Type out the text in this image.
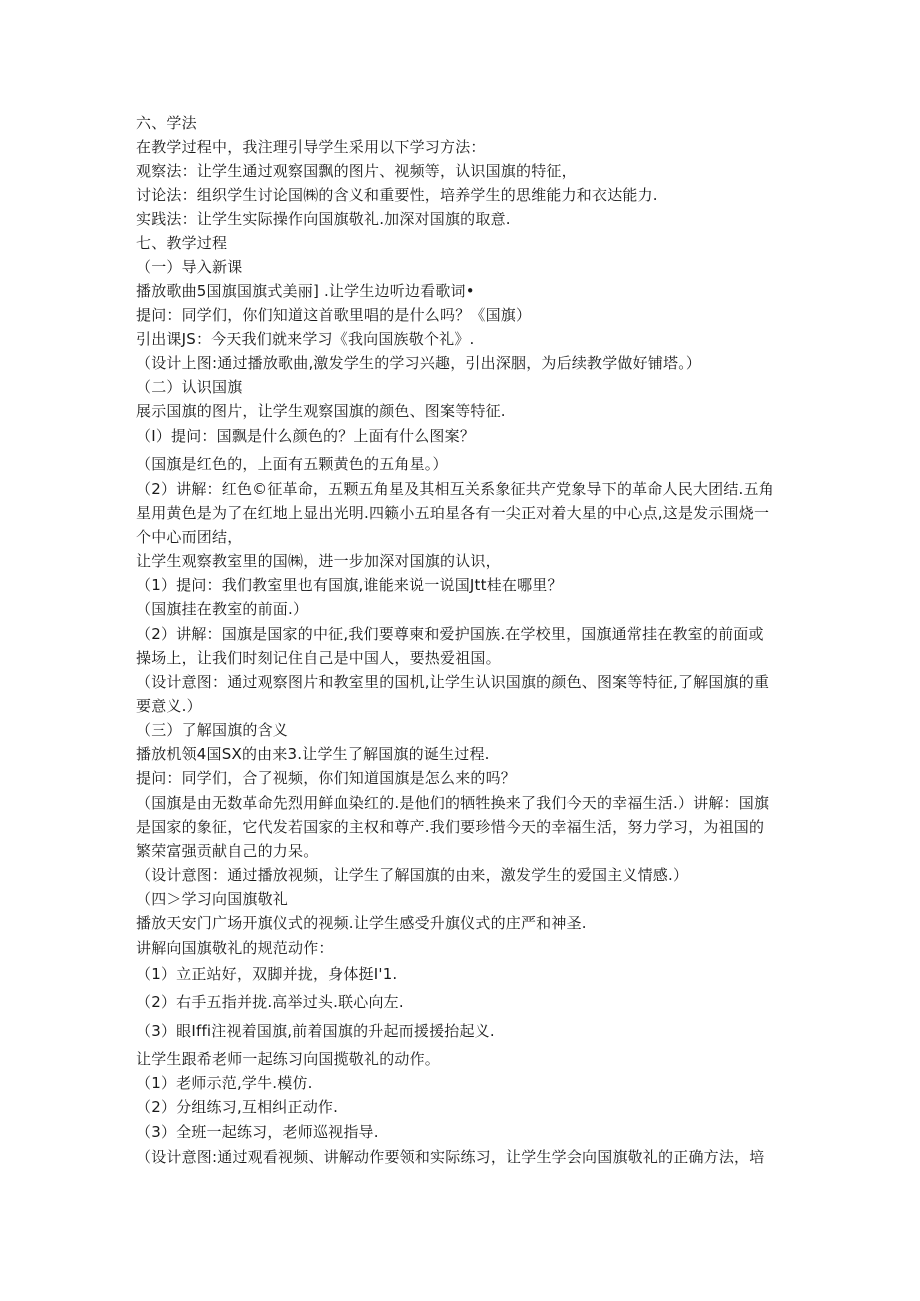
六、学法
在教学过程中，我注理引导学生采用以下学习方法：
观察法：让学生通过观察国飘的图片、视频等，认识国旗的特征，
讨论法：组织学生讨论国㈱的含义和重要性，培养学生的思维能力和衣达能力.
实践法：让学生实际操作向国旗敬礼.加深对国旗的取意.
七、教学过程
（一）导入新课
播放歌曲5国旗国旗式美丽] .让学生边听边看歌词•
提问：同学们，你们知道这首歌里唱的是什么吗？《国旗）
引出课JS：今天我们就来学习《我向国族敬个礼》.
（设计上图:通过播放歌曲,激发学生的学习兴趣，引出深胭，为后续教学做好铺塔。）
（二）认识国旗
展示国旗的图片，让学生观察国旗的颜色、图案等特征.
（I）提问：国飘是什么颜色的？上面有什么图案？
（国旗是红色的，上面有五颗黄色的五角星。）
（2）讲解：红色©征革命，五颗五角星及其相互关系象征共产党象导下的革命人民大团结.五角
星用黄色是为了在红地上显出光明.四籁小五珀星各有一尖正对着大星的中心点,这是发示围烧一
个中心而团结，
让学生观察教室里的国㈱，进一步加深对国旗的认识，
（1）提问：我们教室里也有国旗,谁能来说一说国Jtt桂在哪里？
（国旗挂在教室的前面.）
（2）讲解：国旗是国家的中征,我们要尊柬和爱护国族.在学校里，国旗通常挂在教室的前面或
操场上，让我们时刻记住自己是中国人，要热爱祖国。
（设计意图：通过观察图片和教室里的国机,让学生认识国旗的颜色、图案等特征,了解国旗的重
要意义.）
（三）了解国旗的含义
播放机领4国SX的由来3.让学生了解国旗的诞生过程.
提问：同学们，合了视频，你们知道国旗是怎么来的吗？
（国旗是由无数革命先烈用鲜血染红的.是他们的牺牲换来了我们今天的幸福生活.）讲解：国旗
是国家的象征，它代发若国家的主权和尊产.我们要珍惜今天的幸福生活，努力学习，为祖国的
繁荣富强贡献自己的力呆。
（设计意图：通过播放视频，让学生了解国旗的由来，激发学生的爱国主义情感.）
（四＞学习向国旗敬礼
播放天安门广场开旗仪式的视频.让学生感受升旗仪式的庄严和神圣.
讲解向国旗敬礼的规范动作：
（1）立正站好，双脚并拢，身体挺I'1.
（2）右手五指并拢.高举过头.联心向左.
（3）眼Iffi注视着国旗,前着国旗的升起而援援抬起义.
让学生跟希老师一起练习向国揽敬礼的动作。
（1）老师示范,学牛.模仿.
（2）分组练习,互相纠正动作.
（3）全班一起练习，老师巡视指导.
（设计意图:通过观看视频、讲解动作要领和实际练习，让学生学会向国旗敬礼的正确方法，培
